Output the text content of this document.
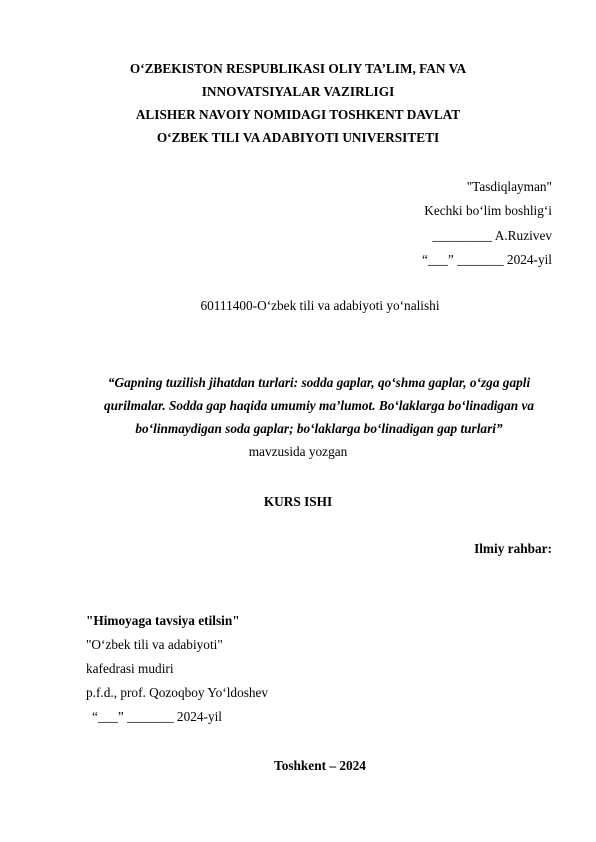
O‘ZBEKISTON RESPUBLIKASI OLIY TA’LIM, FAN VA
INNOVATSIYALAR VAZIRLIGI
ALISHER NAVOIY NOMIDAGI TOSHKENT DAVLAT
O‘ZBEK TILI VA ADABIYOTI UNIVERSITETI
"Tasdiqlayman"
Kechki bo‘lim boshlig‘i
_________ A.Ruzivev
“___” _______ 2024-yil
60111400-O‘zbek tili va adabiyoti yo‘nalishi
“Gapning tuzilish jihatdan turlari: sodda gaplar, qo‘shma gaplar, o‘zga gapli
qurilmalar. Sodda gap haqida umumiy ma’lumot. Bo‘laklarga bo‘linadigan va
bo‘linmaydigan soda gaplar; bo‘laklarga bo‘linadigan gap turlari”
mavzusida yozgan
KURS ISHI
Ilmiy rahbar:
"Himoyaga tavsiya etilsin"
"O‘zbek tili va adabiyoti"
kafedrasi mudiri
p.f.d., prof. Qozoqboy Yo‘ldoshev
“___” _______ 2024-yil
Toshkent – 2024
